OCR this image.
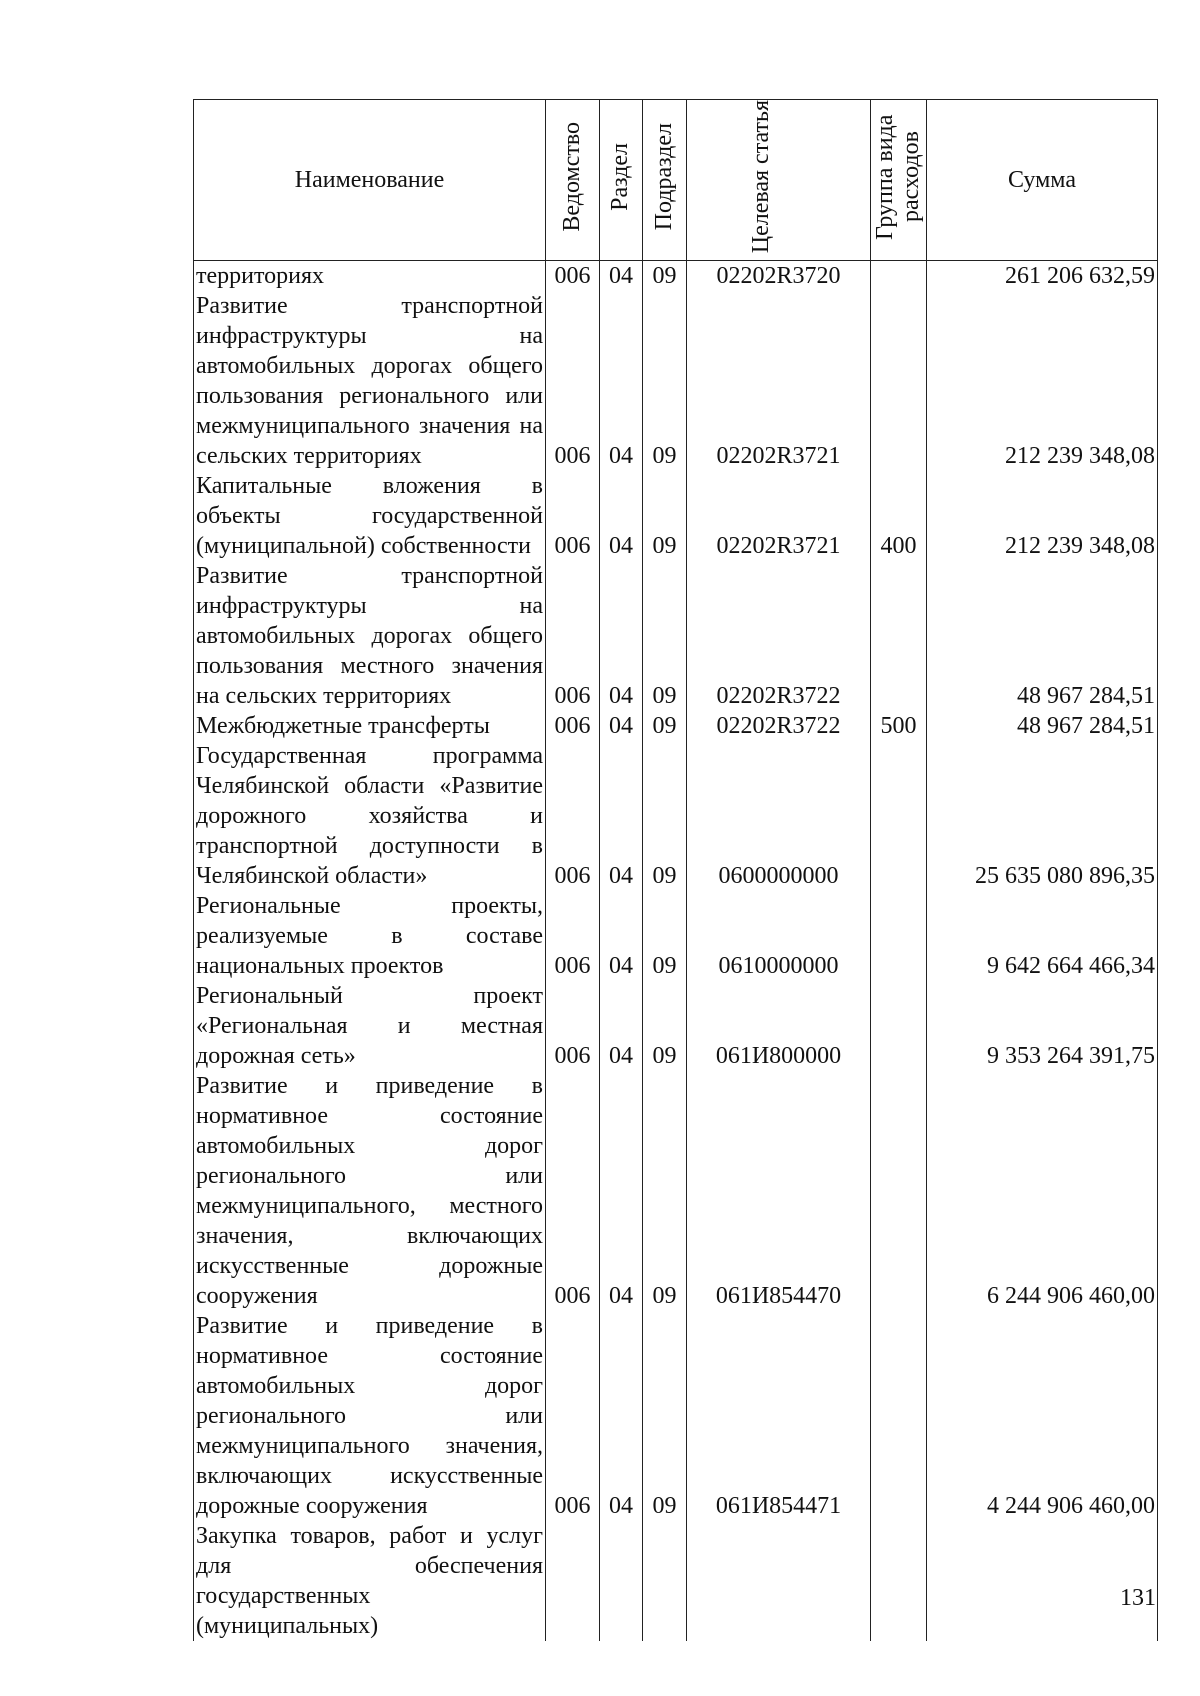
Наименование	Ведомство	Раздел	Подраздел	Целевая статья	Группа вида расходов	Сумма
территориях	006	04	09	02202R3720		261 206 632,59
Развитие транспортной инфраструктуры на автомобильных дорогах общего пользования регионального или межмуниципального значения на сельских территориях	006	04	09	02202R3721		212 239 348,08
Капитальные вложения в объекты государственной (муниципальной) собственности	006	04	09	02202R3721	400	212 239 348,08
Развитие транспортной инфраструктуры на автомобильных дорогах общего пользования местного значения на сельских территориях	006	04	09	02202R3722		48 967 284,51
Межбюджетные трансферты	006	04	09	02202R3722	500	48 967 284,51
Государственная программа Челябинской области «Развитие дорожного хозяйства и транспортной доступности в Челябинской области»	006	04	09	0600000000		25 635 080 896,35
Региональные проекты, реализуемые в составе национальных проектов	006	04	09	0610000000		9 642 664 466,34
Региональный проект «Региональная и местная дорожная сеть»	006	04	09	061И800000		9 353 264 391,75
Развитие и приведение в нормативное состояние автомобильных дорог регионального или межмуниципального, местного значения, включающих искусственные дорожные сооружения	006	04	09	061И854470		6 244 906 460,00
Развитие и приведение в нормативное состояние автомобильных дорог регионального или межмуниципального значения, включающих искусственные дорожные сооружения	006	04	09	061И854471		4 244 906 460,00
Закупка товаров, работ и услуг для обеспечения государственных (муниципальных)						
131
